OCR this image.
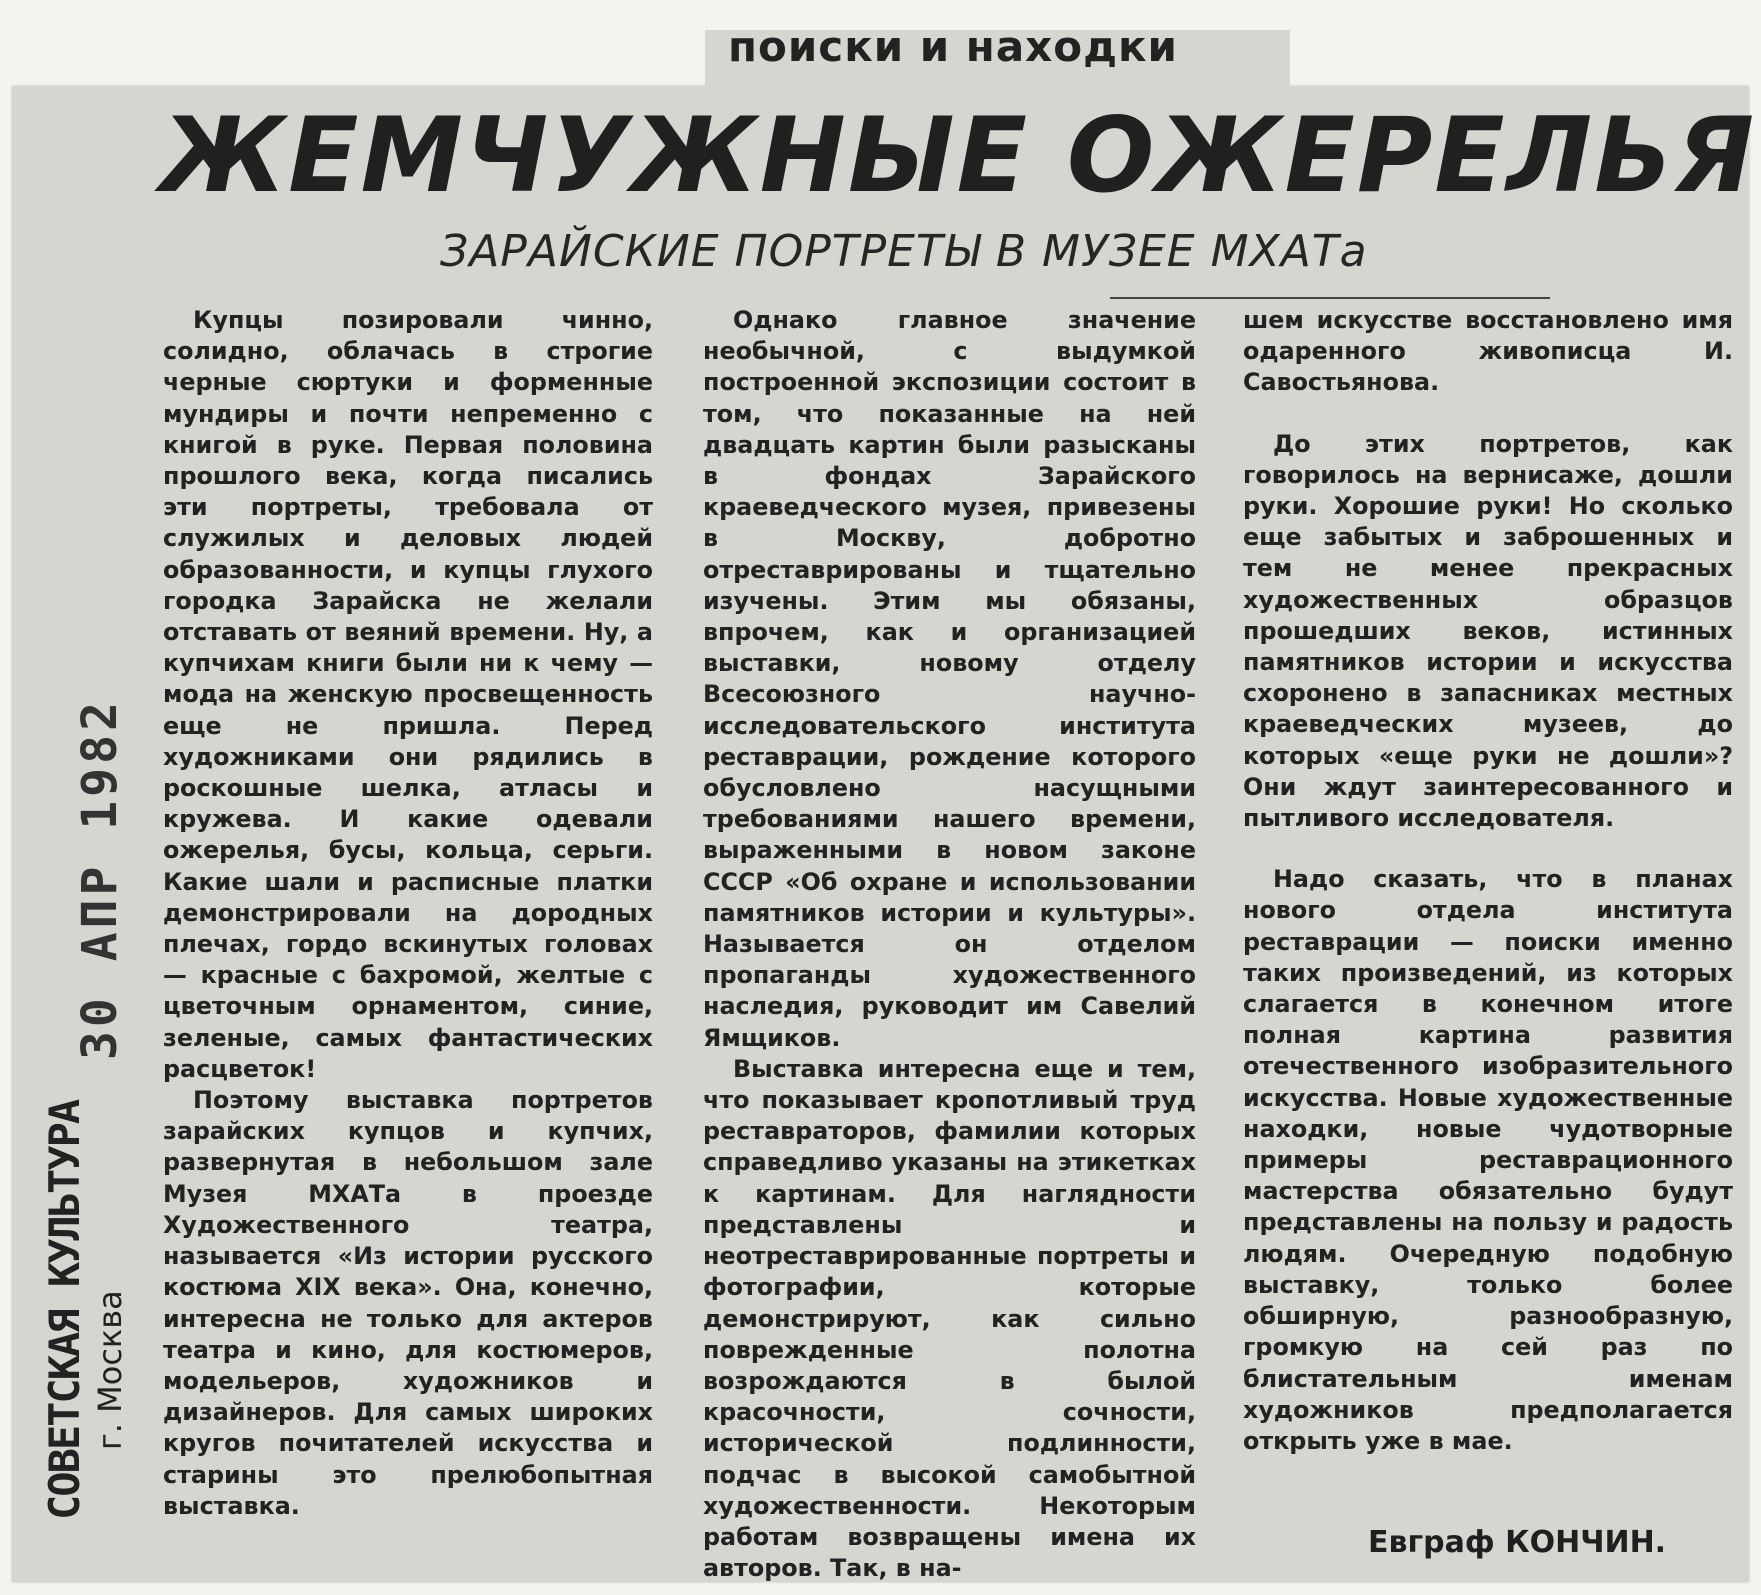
поиски и находки
ЖЕМЧУЖНЫЕ ОЖЕРЕЛЬЯ
ЗАРАЙСКИЕ ПОРТРЕТЫ В МУЗЕЕ МХАТа

Купцы позировали чинно, солидно, облачась в строгие черные сюртуки и форменные мундиры и почти непременно с книгой в руке. Первая половина прошлого века, когда писались эти портреты, требовала от служилых и деловых людей образованности, и купцы глухого городка Зарайска не желали отставать от веяний времени. Ну, а купчихам книги были ни к чему — мода на женскую просвещенность еще не пришла. Перед художниками они рядились в роскошные шелка, атласы и кружева. И какие одевали ожерелья, бусы, кольца, серьги. Какие шали и расписные платки демонстрировали на дородных плечах, гордо вскинутых головах — красные с бахромой, желтые с цветочным орнаментом, синие, зеленые, самых фантастических расцветок!

Поэтому выставка портретов зарайских купцов и купчих, развернутая в небольшом зале Музея МХАТа в проезде Художественного театра, называется «Из истории русского костюма XIX века». Она, конечно, интересна не только для актеров театра и кино, для костюмеров, модельеров, художников и дизайнеров. Для самых широких кругов почитателей искусства и старины это прелюбопытная выставка.

Однако главное значение необычной, с выдумкой построенной экспозиции состоит в том, что показанные на ней двадцать картин были разысканы в фондах Зарайского краеведческого музея, привезены в Москву, добротно отреставрированы и тщательно изучены. Этим мы обязаны, впрочем, как и организацией выставки, новому отделу Всесоюзного научно-исследовательского института реставрации, рождение которого обусловлено насущными требованиями нашего времени, выраженными в новом законе СССР «Об охране и использовании памятников истории и культуры». Называется он отделом пропаганды художественного наследия, руководит им Савелий Ямщиков.

Выставка интересна еще и тем, что показывает кропотливый труд реставраторов, фамилии которых справедливо указаны на этикетках к картинам. Для наглядности представлены и неотреставрированные портреты и фотографии, которые демонстрируют, как сильно поврежденные полотна возрождаются в былой красочности, сочности, исторической подлинности, подчас в высокой самобытной художественности. Некоторым работам возвращены имена их авторов. Так, в на-

шем искусстве восстановлено имя одаренного живописца И. Савостьянова.

До этих портретов, как говорилось на вернисаже, дошли руки. Хорошие руки! Но сколько еще забытых и заброшенных и тем не менее прекрасных художественных образцов прошедших веков, истинных памятников истории и искусства схоронено в запасниках местных краеведческих музеев, до которых «еще руки не дошли»? Они ждут заинтересованного и пытливого исследователя.

Надо сказать, что в планах нового отдела института реставрации — поиски именно таких произведений, из которых слагается в конечном итоге полная картина развития отечественного изобразительного искусства. Новые художественные находки, новые чудотворные примеры реставрационного мастерства обязательно будут представлены на пользу и радость людям. Очередную подобную выставку, только более обширную, разнообразную, громкую на сей раз по блистательным именам художников предполагается открыть уже в мае.

Евграф КОНЧИН.
СОВЕТСКАЯ КУЛЬТУРА г. Москва
30 АПР 1982
